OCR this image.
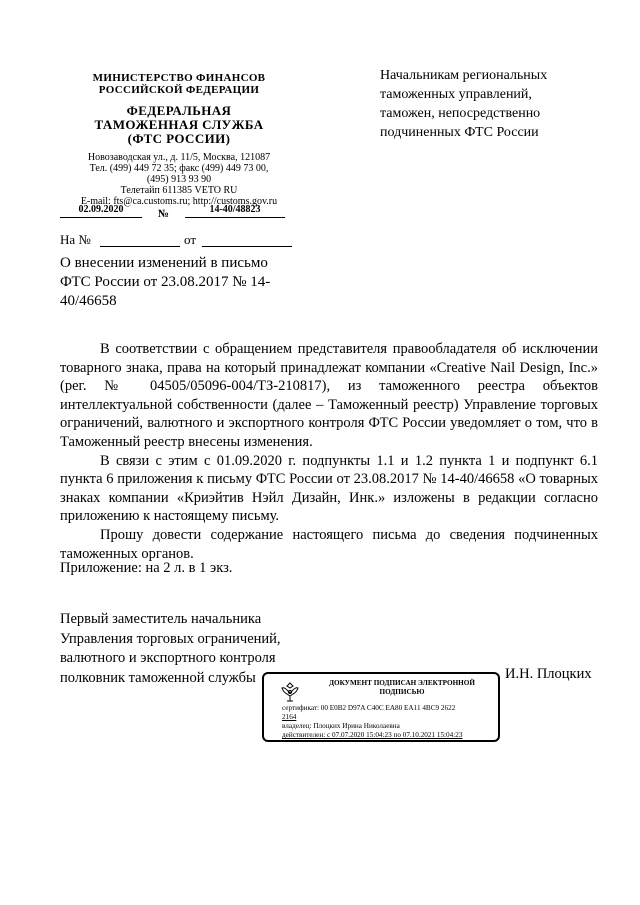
МИНИСТЕРСТВО ФИНАНСОВ РОССИЙСКОЙ ФЕДЕРАЦИИ
ФЕДЕРАЛЬНАЯ
ТАМОЖЕННАЯ СЛУЖБА
(ФТС РОССИИ)
Новозаводская ул., д. 11/5, Москва, 121087
Тел. (499) 449 72 35; факс (499) 449 73 00,
(495) 913 93 90
Телетайп 611385 VETO RU
E-mail: fts@ca.customs.ru; http://customs.gov.ru
02.09.2020	№	14-40/48823
На №	от
Начальникам региональных таможенных управлений, таможен, непосредственно подчиненных ФТС России
О внесении изменений в письмо ФТС России от 23.08.2017 № 14-40/46658

В соответствии с обращением представителя правообладателя об исключении товарного знака, права на который принадлежат компании «Creative Nail Design, Inc.» (рег. № 04505/05096-004/ТЗ-210817), из таможенного реестра объектов интеллектуальной собственности (далее – Таможенный реестр) Управление торговых ограничений, валютного и экспортного контроля ФТС России уведомляет о том, что в Таможенный реестр внесены изменения.

В связи с этим с 01.09.2020 г. подпункты 1.1 и 1.2 пункта 1 и подпункт 6.1 пункта 6 приложения к письму ФТС России от 23.08.2017 № 14-40/46658 «О товарных знаках компании «Криэйтив Нэйл Дизайн, Инк.» изложены в редакции согласно приложению к настоящему письму.

Прошу довести содержание настоящего письма до сведения подчиненных таможенных органов.

Приложение: на 2 л. в 1 экз.
Первый заместитель начальника
Управления торговых ограничений,
валютного и экспортного контроля
полковник таможенной службы	И.Н. Плоцких
ДОКУМЕНТ ПОДПИСАН ЭЛЕКТРОННОЙ ПОДПИСЬЮ
сертификат: 00 E0B2 D97A C40C EA80 EA11 4BC9 2622
2164
владелец: Плоцких Ирина Николаевна
действителен: с 07.07.2020 15:04:23 по 07.10.2021 15:04:23
